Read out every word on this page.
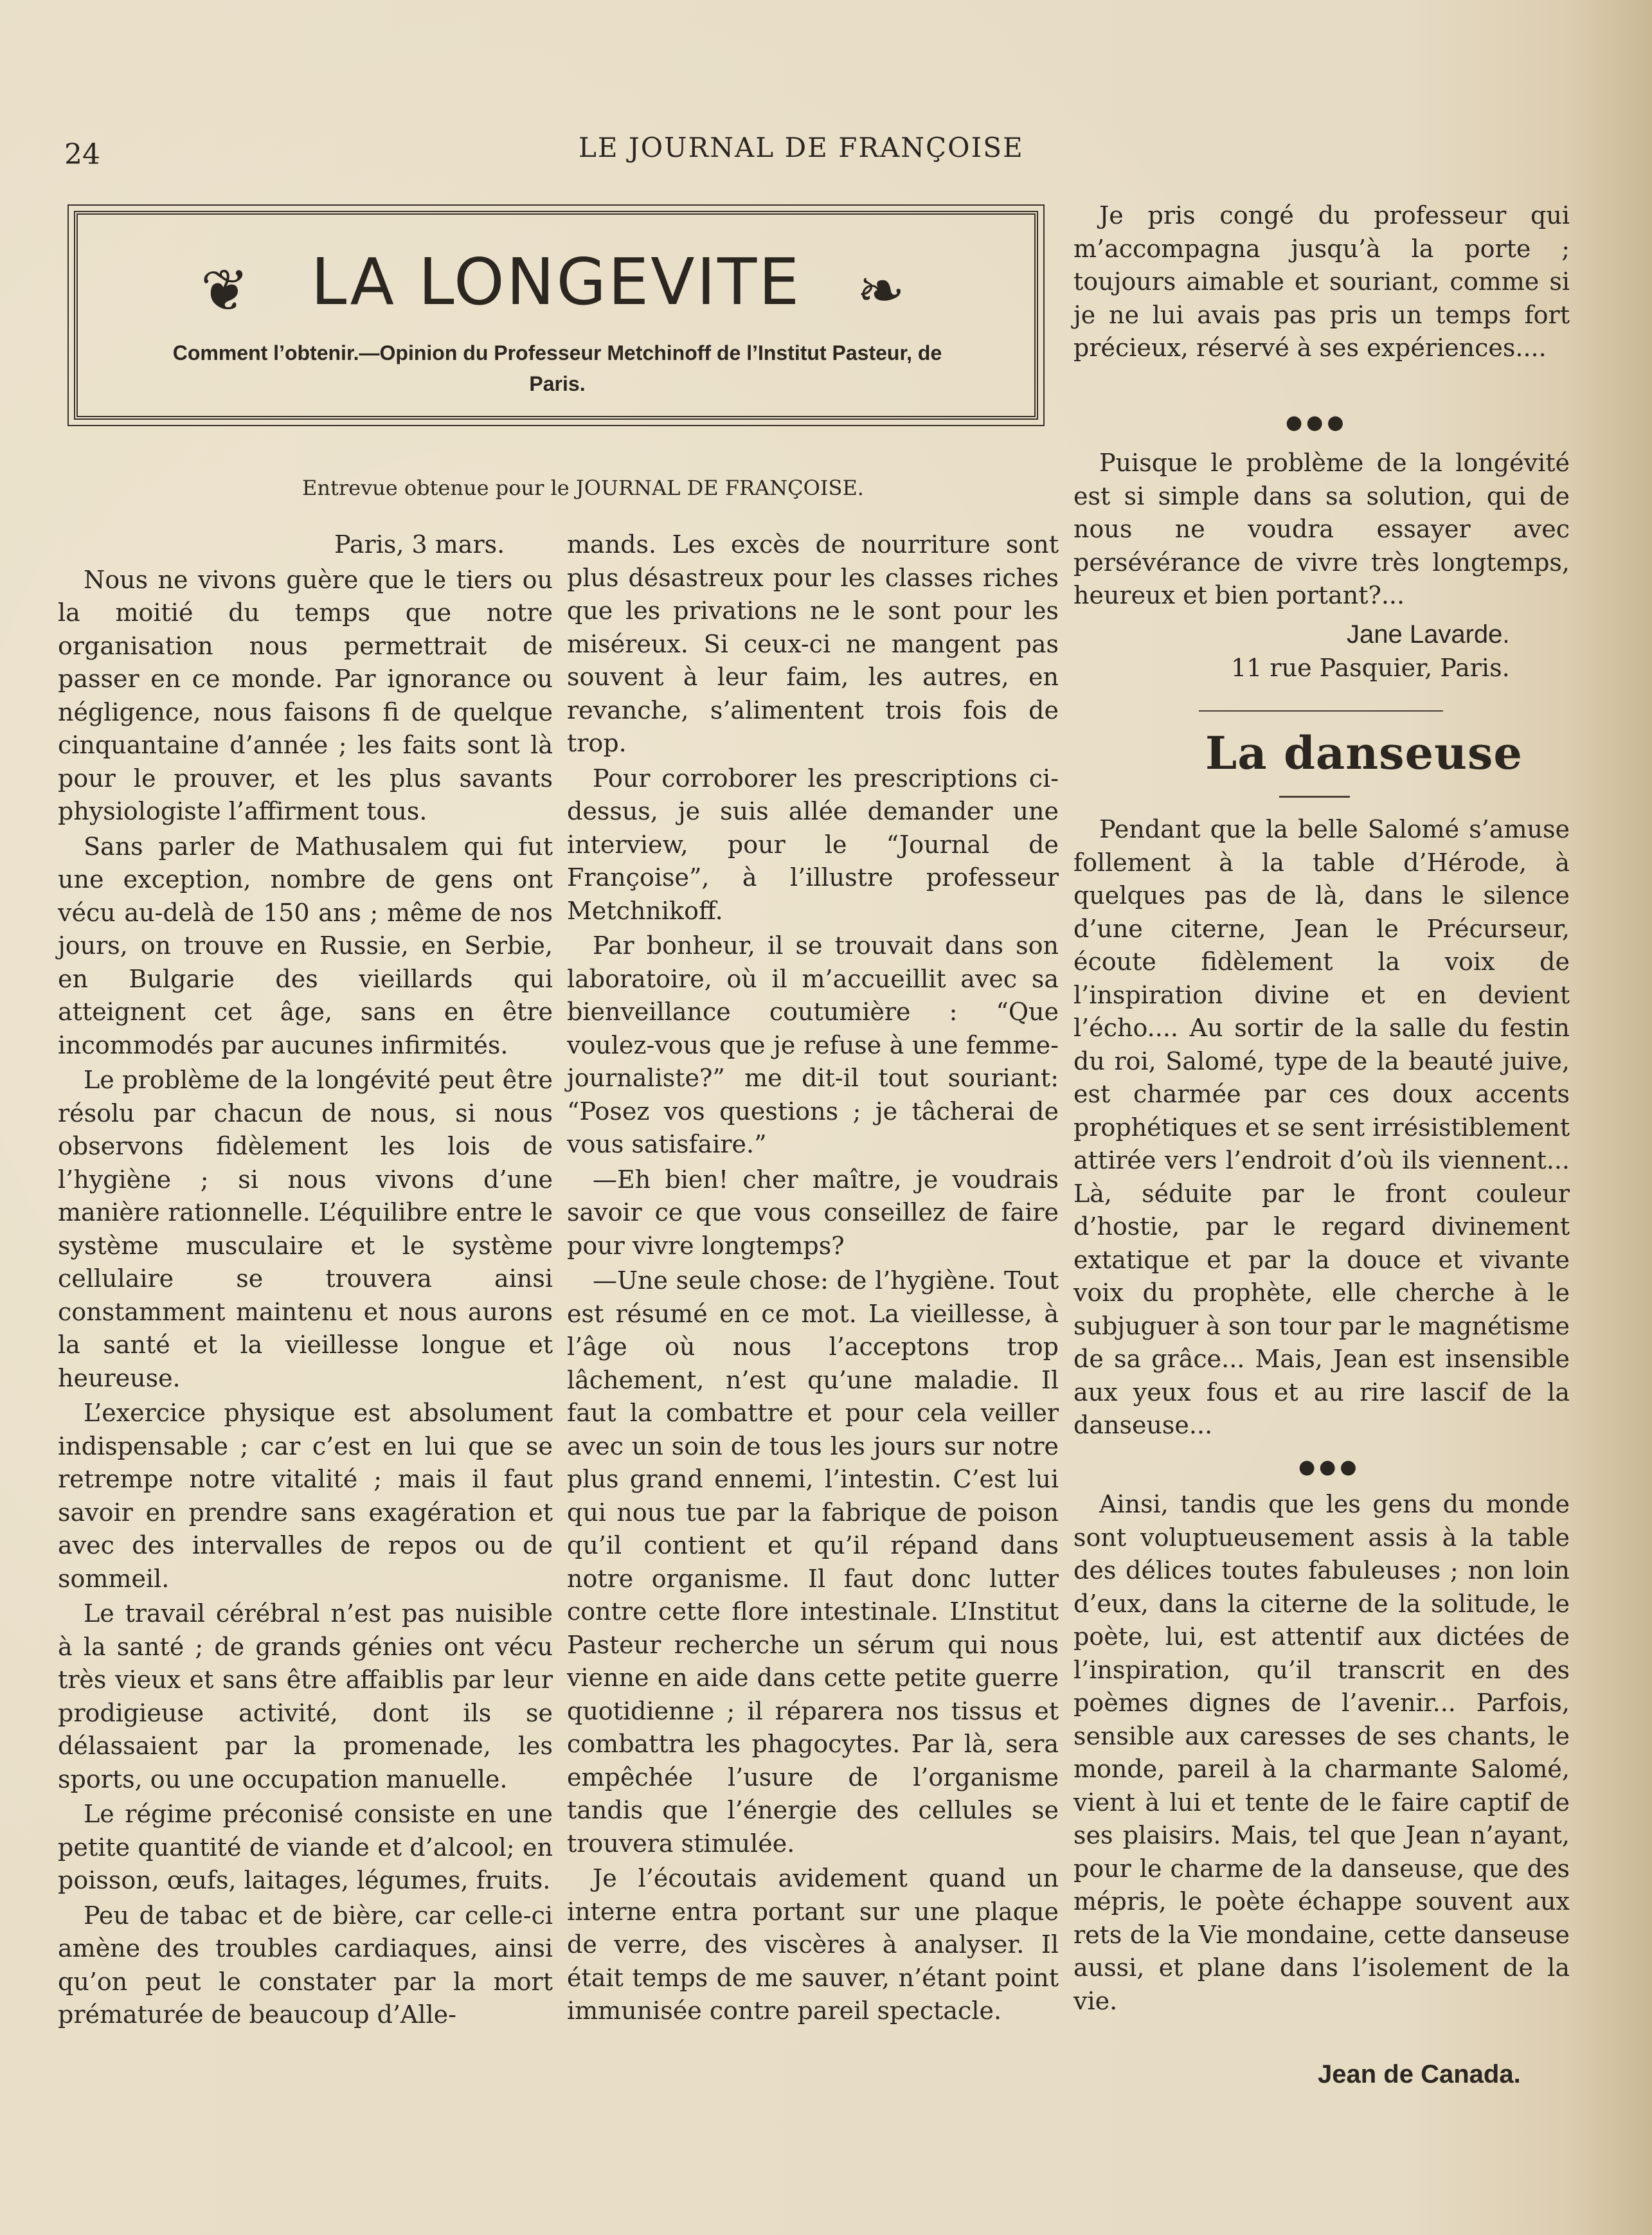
24	LE JOURNAL DE FRANÇOISE
❦	❧
LA LONGEVITE
Comment l’obtenir.—Opinion du Professeur Metchinoff de l’Institut Pasteur, de Paris.
Entrevue obtenue pour le JOURNAL DE FRANÇOISE.

Paris, 3 mars.

Nous ne vivons guère que le tiers ou la moitié du temps que notre organisation nous permettrait de passer en ce monde. Par ignorance ou négligence, nous faisons fi de quelque cinquantaine d’année ; les faits sont là pour le prouver, et les plus savants physiologiste l’affirment tous.

Sans parler de Mathusalem qui fut une exception, nombre de gens ont vécu au-delà de 150 ans ; même de nos jours, on trouve en Russie, en Serbie, en Bulgarie des vieillards qui atteignent cet âge, sans en être incommodés par aucunes infirmités.

Le problème de la longévité peut être résolu par chacun de nous, si nous observons fidèlement les lois de l’hygiène ; si nous vivons d’une manière rationnelle. L’équilibre entre le système musculaire et le système cellulaire se trouvera ainsi constamment maintenu et nous aurons la santé et la vieillesse longue et heureuse.

L’exercice physique est absolument indispensable ; car c’est en lui que se retrempe notre vitalité ; mais il faut savoir en prendre sans exagération et avec des intervalles de repos ou de sommeil.

Le travail cérébral n’est pas nuisible à la santé ; de grands génies ont vécu très vieux et sans être affaiblis par leur prodigieuse activité, dont ils se délassaient par la promenade, les sports, ou une occupation manuelle.

Le régime préconisé consiste en une petite quantité de viande et d’alcool; en poisson, œufs, laitages, légumes, fruits.

Peu de tabac et de bière, car celle-ci amène des troubles cardiaques, ainsi qu’on peut le constater par la mort prématurée de beaucoup d’Alle-

mands. Les excès de nourriture sont plus désastreux pour les classes riches que les privations ne le sont pour les miséreux. Si ceux-ci ne mangent pas souvent à leur faim, les autres, en revanche, s’alimentent trois fois de trop.

Pour corroborer les prescriptions ci-dessus, je suis allée demander une interview, pour le “Journal de Françoise”, à l’illustre professeur Metchnikoff.

Par bonheur, il se trouvait dans son laboratoire, où il m’accueillit avec sa bienveillance coutumière : “Que voulez-vous que je refuse à une femme-journaliste?” me dit-il tout souriant: “Posez vos questions ; je tâcherai de vous satisfaire.”

—Eh bien! cher maître, je voudrais savoir ce que vous conseillez de faire pour vivre longtemps?

—Une seule chose: de l’hygiène. Tout est résumé en ce mot. La vieillesse, à l’âge où nous l’acceptons trop lâchement, n’est qu’une maladie. Il faut la combattre et pour cela veiller avec un soin de tous les jours sur notre plus grand ennemi, l’intestin. C’est lui qui nous tue par la fabrique de poison qu’il contient et qu’il répand dans notre organisme. Il faut donc lutter contre cette flore intestinale. L’Institut Pasteur recherche un sérum qui nous vienne en aide dans cette petite guerre quotidienne ; il réparera nos tissus et combattra les phagocytes. Par là, sera empêchée l’usure de l’organisme tandis que l’énergie des cellules se trouvera stimulée.

Je l’écoutais avidement quand un interne entra portant sur une plaque de verre, des viscères à analyser. Il était temps de me sauver, n’étant point immunisée contre pareil spectacle.

Je pris congé du professeur qui m’accompagna jusqu’à la porte ; toujours aimable et souriant, comme si je ne lui avais pas pris un temps fort précieux, réservé à ses expériences....

●●●

Puisque le problème de la longévité est si simple dans sa solution, qui de nous ne voudra essayer avec persévérance de vivre très longtemps, heureux et bien portant?...

Jane Lavarde.
11 rue Pasquier, Paris.
La danseuse

Pendant que la belle Salomé s’amuse follement à la table d’Hérode, à quelques pas de là, dans le silence d’une citerne, Jean le Précurseur, écoute fidèlement la voix de l’inspiration divine et en devient l’écho.... Au sortir de la salle du festin du roi, Salomé, type de la beauté juive, est charmée par ces doux accents prophétiques et se sent irrésistiblement attirée vers l’endroit d’où ils viennent... Là, séduite par le front couleur d’hostie, par le regard divinement extatique et par la douce et vivante voix du prophète, elle cherche à le subjuguer à son tour par le magnétisme de sa grâce... Mais, Jean est insensible aux yeux fous et au rire lascif de la danseuse...

●●●

Ainsi, tandis que les gens du monde sont voluptueusement assis à la table des délices toutes fabuleuses ; non loin d’eux, dans la citerne de la solitude, le poète, lui, est attentif aux dictées de l’inspiration, qu’il transcrit en des poèmes dignes de l’avenir... Parfois, sensible aux caresses de ses chants, le monde, pareil à la charmante Salomé, vient à lui et tente de le faire captif de ses plaisirs. Mais, tel que Jean n’ayant, pour le charme de la danseuse, que des mépris, le poète échappe souvent aux rets de la Vie mondaine, cette danseuse aussi, et plane dans l’isolement de la vie.

Jean de Canada.
